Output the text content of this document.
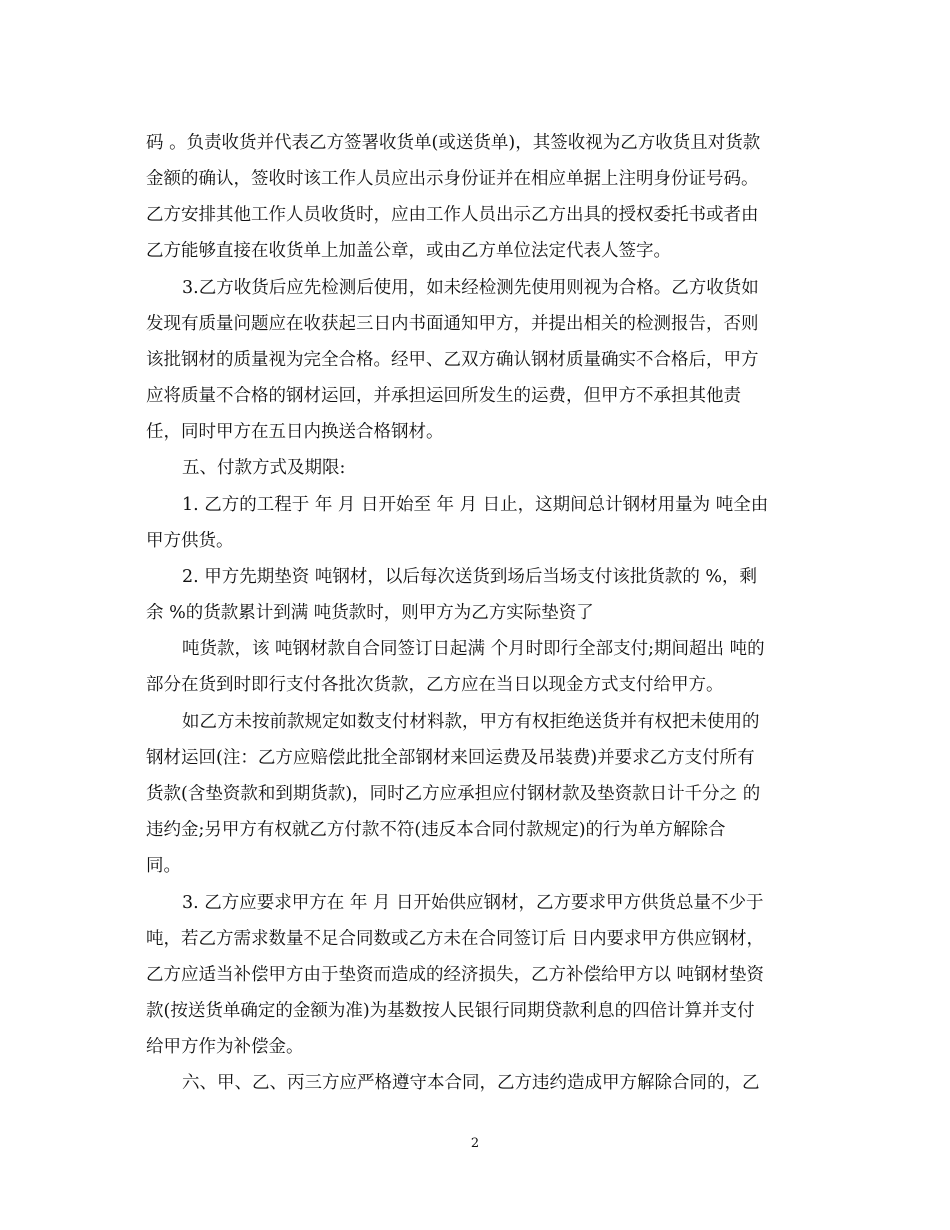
码 。负责收货并代表乙方签署收货单(或送货单)，其签收视为乙方收货且对货款
金额的确认，签收时该工作人员应出示身份证并在相应单据上注明身份证号码。
乙方安排其他工作人员收货时，应由工作人员出示乙方出具的授权委托书或者由
乙方能够直接在收货单上加盖公章，或由乙方单位法定代表人签字。
3.乙方收货后应先检测后使用，如未经检测先使用则视为合格。乙方收货如
发现有质量问题应在收获起三日内书面通知甲方，并提出相关的检测报告，否则
该批钢材的质量视为完全合格。经甲、乙双方确认钢材质量确实不合格后，甲方
应将质量不合格的钢材运回，并承担运回所发生的运费，但甲方不承担其他责
任，同时甲方在五日内换送合格钢材。
五、付款方式及期限:
1. 乙方的工程于 年 月 日开始至 年 月 日止，这期间总计钢材用量为 吨全由
甲方供货。
2. 甲方先期垫资 吨钢材，以后每次送货到场后当场支付该批货款的 %，剩
余 %的货款累计到满 吨货款时，则甲方为乙方实际垫资了
吨货款，该 吨钢材款自合同签订日起满 个月时即行全部支付;期间超出 吨的
部分在货到时即行支付各批次货款，乙方应在当日以现金方式支付给甲方。
如乙方未按前款规定如数支付材料款，甲方有权拒绝送货并有权把未使用的
钢材运回(注：乙方应赔偿此批全部钢材来回运费及吊装费)并要求乙方支付所有
货款(含垫资款和到期货款)，同时乙方应承担应付钢材款及垫资款日计千分之 的
违约金;另甲方有权就乙方付款不符(违反本合同付款规定)的行为单方解除合
同。
3. 乙方应要求甲方在 年 月 日开始供应钢材，乙方要求甲方供货总量不少于
吨，若乙方需求数量不足合同数或乙方未在合同签订后 日内要求甲方供应钢材，
乙方应适当补偿甲方由于垫资而造成的经济损失，乙方补偿给甲方以 吨钢材垫资
款(按送货单确定的金额为准)为基数按人民银行同期贷款利息的四倍计算并支付
给甲方作为补偿金。
六、甲、乙、丙三方应严格遵守本合同，乙方违约造成甲方解除合同的，乙
2
